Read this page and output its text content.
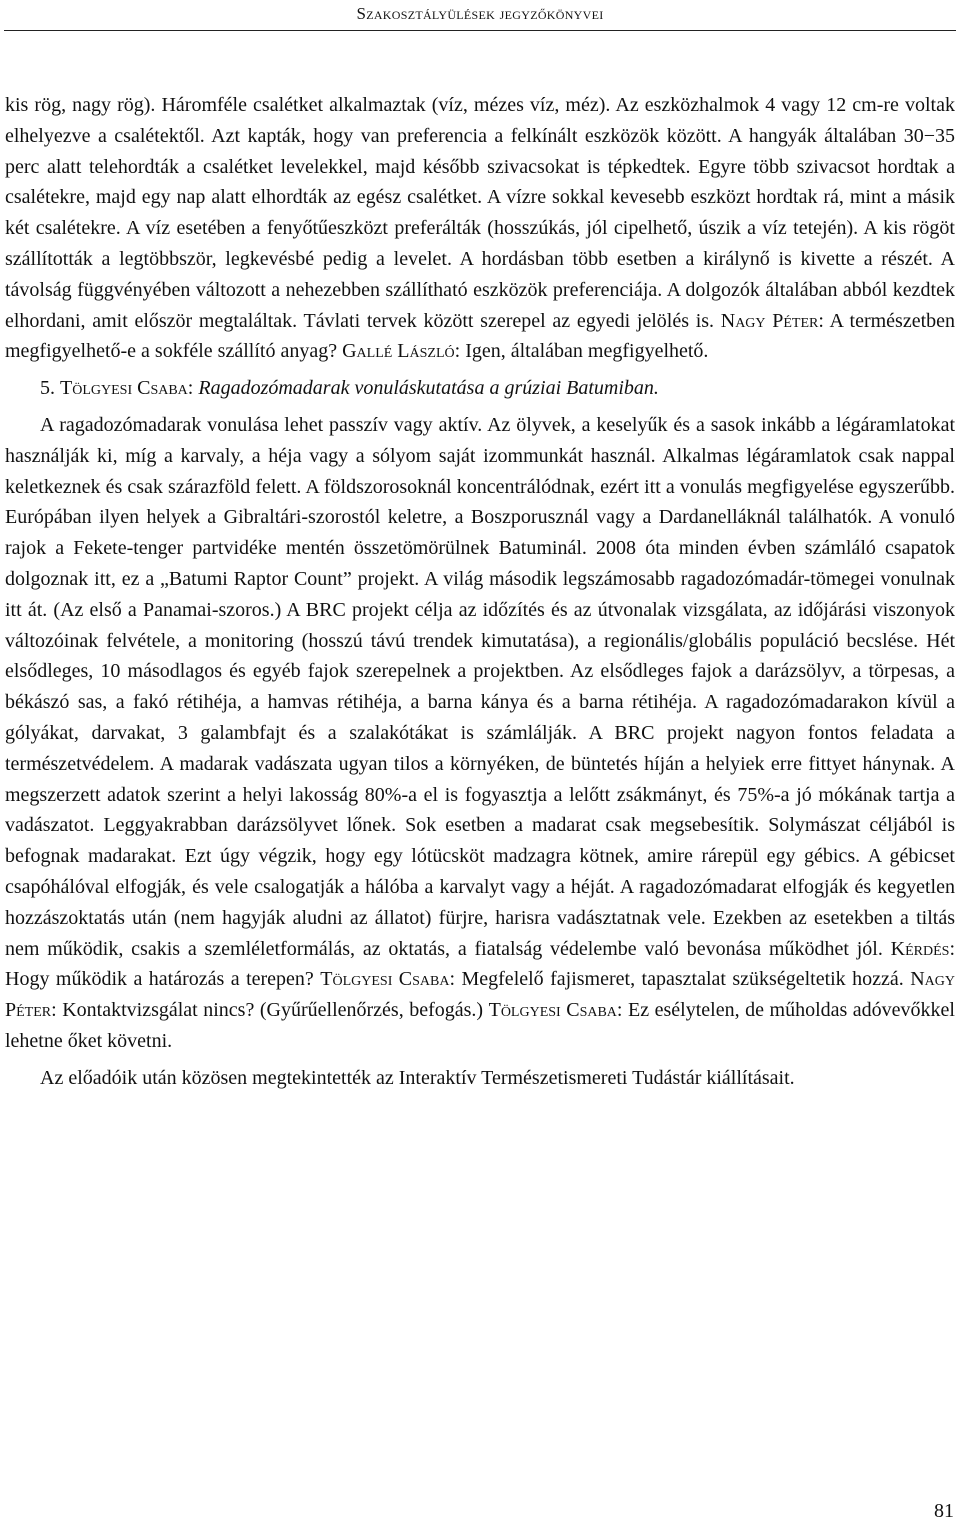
Szakosztályülések jegyzőkönyvei

kis rög, nagy rög). Háromféle csalétket alkalmaztak (víz, mézes víz, méz). Az eszközhalmok 4 vagy 12 cm-re voltak elhelyezve a csalétektől. Azt kapták, hogy van preferencia a felkínált eszközök között. A hangyák általában 30−35 perc alatt telehordták a csalétket levelekkel, majd később szivacsokat is tépkedtek. Egyre több szivacsot hordtak a csalétekre, majd egy nap alatt elhordták az egész csalétket. A vízre sokkal kevesebb eszközt hordtak rá, mint a másik két csalétekre. A víz esetében a fenyőtűeszközt preferálták (hosszúkás, jól cipelhető, úszik a víz tetején). A kis rögöt szállították a legtöbbször, legkevésbé pedig a levelet. A hordásban több esetben a királynő is kivette a részét. A távolság függvényében változott a nehezebben szállítható eszközök preferenciája. A dolgozók általában abból kezdtek elhordani, amit először megtaláltak. Távlati tervek között szerepel az egyedi jelölés is. Nagy Péter: A természetben megfigyelhető-e a sokféle szállító anyag? Gallé László: Igen, általában megfigyelhető.

5. Tölgyesi Csaba: Ragadozómadarak vonuláskutatása a grúziai Batumiban.

A ragadozómadarak vonulása lehet passzív vagy aktív. Az ölyvek, a keselyűk és a sasok inkább a légáramlatokat használják ki, míg a karvaly, a héja vagy a sólyom saját izommunkát használ. Alkalmas légáramlatok csak nappal keletkeznek és csak szárazföld felett. A földszorosoknál koncentrálódnak, ezért itt a vonulás megfigyelése egyszerűbb. Európában ilyen helyek a Gibraltári-szorostól keletre, a Boszporusznál vagy a Dardanelláknál találhatók. A vonuló rajok a Fekete-tenger partvidéke mentén összetömörülnek Batuminál. 2008 óta minden évben számláló csapatok dolgoznak itt, ez a „Batumi Raptor Count” projekt. A világ második legszámosabb ragadozómadár-tömegei vonulnak itt át. (Az első a Panamai-szoros.) A BRC projekt célja az időzítés és az útvonalak vizsgálata, az időjárási viszonyok változóinak felvétele, a monitoring (hosszú távú trendek kimutatása), a regionális/globális populáció becslése. Hét elsődleges, 10 másodlagos és egyéb fajok szerepelnek a projektben. Az elsődleges fajok a darázsölyv, a törpesas, a békászó sas, a fakó rétihéja, a hamvas rétihéja, a barna kánya és a barna rétihéja. A ragadozómadarakon kívül a gólyákat, darvakat, 3 galambfajt és a szalakótákat is számlálják. A BRC projekt nagyon fontos feladata a természetvédelem. A madarak vadászata ugyan tilos a környéken, de büntetés híján a helyiek erre fittyet hánynak. A megszerzett adatok szerint a helyi lakosság 80%-a el is fogyasztja a lelőtt zsákmányt, és 75%-a jó mókának tartja a vadászatot. Leggyakrabban darázsölyvet lőnek. Sok esetben a madarat csak megsebesítik. Solymászat céljából is befognak madarakat. Ezt úgy végzik, hogy egy lótücsköt madzagra kötnek, amire rárepül egy gébics. A gébicset csapóhálóval elfogják, és vele csalogatják a hálóba a karvalyt vagy a héját. A ragadozómadarat elfogják és kegyetlen hozzászoktatás után (nem hagyják aludni az állatot) fürjre, harisra vadásztatnak vele. Ezekben az esetekben a tiltás nem működik, csakis a szemléletformálás, az oktatás, a fiatalság védelembe való bevonása működhet jól. Kérdés: Hogy működik a határozás a terepen? Tölgyesi Csaba: Megfelelő fajismeret, tapasztalat szükségeltetik hozzá. Nagy Péter: Kontaktvizsgálat nincs? (Gyűrűellenőrzés, befogás.) Tölgyesi Csaba: Ez esélytelen, de műholdas adóvevőkkel lehetne őket követni.

Az előadóik után közösen megtekintették az Interaktív Természetismereti Tudástár kiállításait.

81
